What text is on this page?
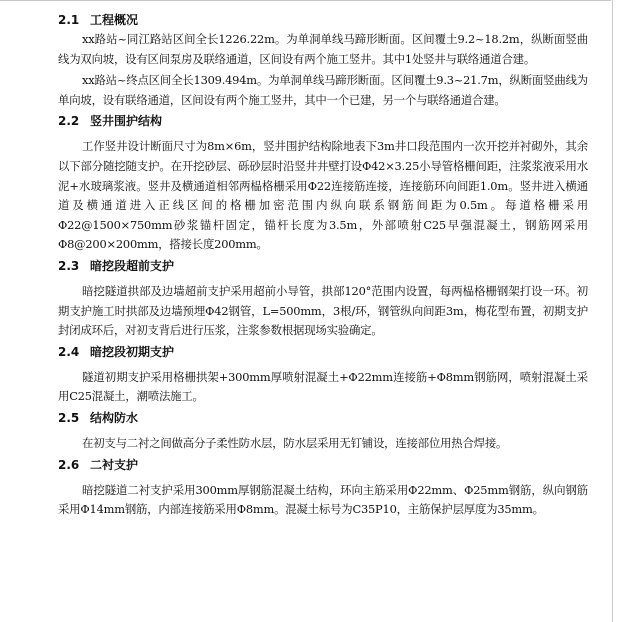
2.1 工程概况

xx路站~同江路站区间全长1226.22m。为单洞单线马蹄形断面。区间覆土9.2~18.2m，纵断面竖曲线为双向坡，设有区间泵房及联络通道，区间设有两个施工竖井。其中1处竖井与联络通道合建。

xx路站~终点区间全长1309.494m。为单洞单线马蹄形断面。区间覆土9.3~21.7m，纵断面竖曲线为单向坡，设有联络通道，区间设有两个施工竖井，其中一个已建，另一个与联络通道合建。

2.2 竖井围护结构

工作竖井设计断面尺寸为8m×6m，竖井围护结构除地表下3m井口段范围内一次开挖并衬砌外，其余以下部分随挖随支护。在开挖砂层、砾砂层时沿竖井井壁打设Φ42×3.25小导管格栅间距，注浆浆液采用水泥+水玻璃浆液。竖井及横通道相邻两榀格栅采用Φ22连接筋连接，连接筋环向间距1.0m。竖井进入横通道及横通道进入正线区间的格栅加密范围内纵向联系钢筋间距为0.5m。每道格栅采用Φ22@1500×750mm砂浆锚杆固定，锚杆长度为3.5m，外部喷射C25早强混凝土，钢筋网采用Φ8@200×200mm，搭接长度200mm。

2.3 暗挖段超前支护

暗挖隧道拱部及边墙超前支护采用超前小导管，拱部120°范围内设置，每两榀格栅钢架打设一环。初期支护施工时拱部及边墙预埋Φ42钢管，L=500mm，3根/环，钢管纵向间距3m，梅花型布置，初期支护封闭成环后，对初支背后进行压浆，注浆参数根据现场实验确定。

2.4 暗挖段初期支护

隧道初期支护采用格栅拱架+300mm厚喷射混凝土+Φ22mm连接筋+Φ8mm钢筋网，喷射混凝土采用C25混凝土，潮喷法施工。

2.5 结构防水

在初支与二衬之间做高分子柔性防水层，防水层采用无钉铺设，连接部位用热合焊接。

2.6 二衬支护

暗挖隧道二衬支护采用300mm厚钢筋混凝土结构，环向主筋采用Φ22mm、Φ25mm钢筋，纵向钢筋采用Φ14mm钢筋，内部连接筋采用Φ8mm。混凝土标号为C35P10，主筋保护层厚度为35mm。
